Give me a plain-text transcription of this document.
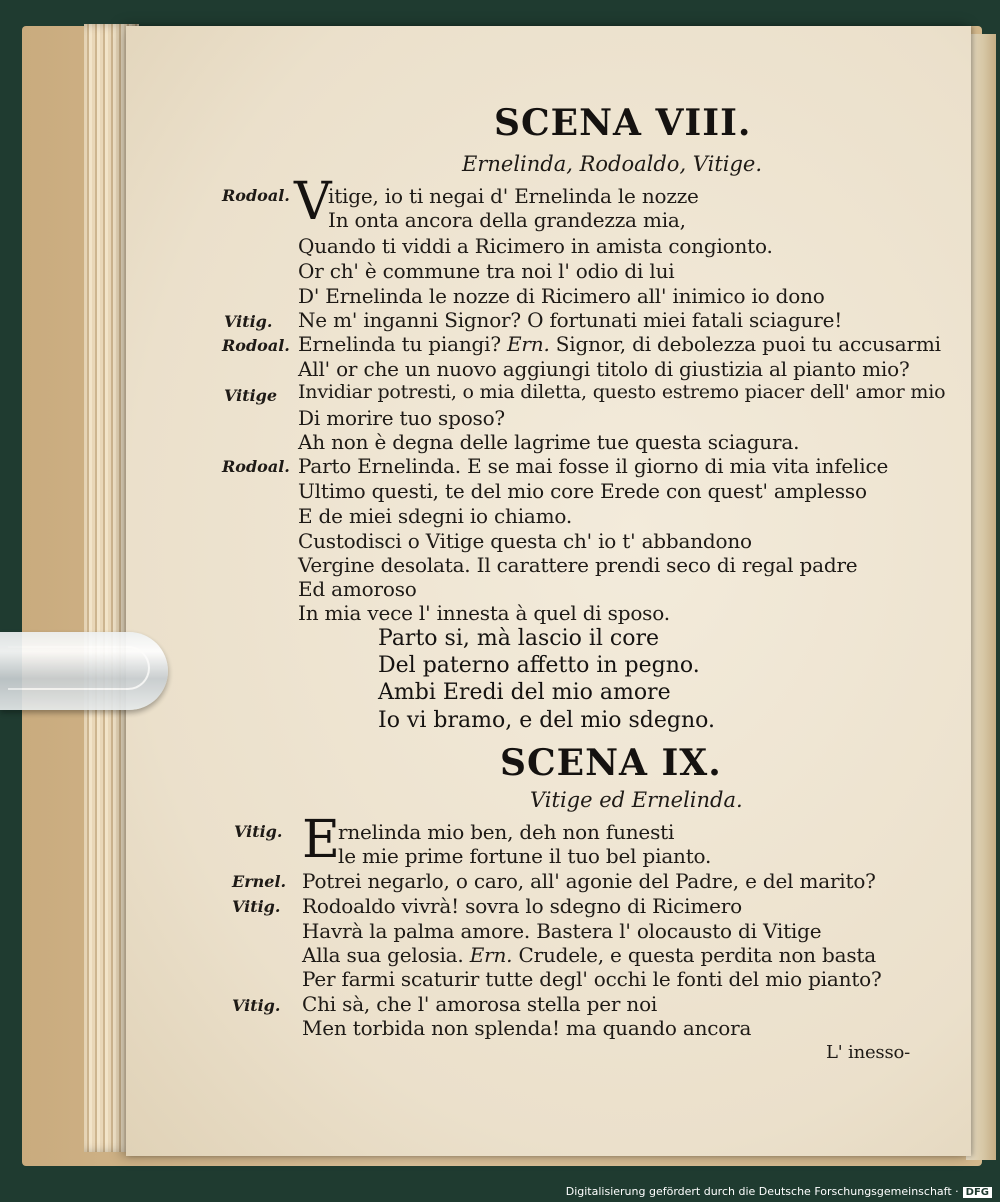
SCENA VIII.
Ernelinda, Rodoaldo, Vitige.
Rodoal. V
itige, io ti negai d' Ernelinda le nozze
In onta ancora della grandezza mia,
Quando ti viddi a Ricimero in amista congionto.
Or ch' è commune tra noi l' odio di lui
D' Ernelinda le nozze di Ricimero all' inimico io dono
Vitig. Ne m' inganni Signor? O fortunati miei fatali sciagure!
Rodoal. Ernelinda tu piangi? Ern. Signor, di debolezza puoi tu accusarmi
All' or che un nuovo aggiungi titolo di giustizia al pianto mio?
Vitige Invidiar potresti, o mia diletta, questo estremo piacer dell' amor mio
Di morire tuo sposo?
Ah non è degna delle lagrime tue questa sciagura.
Rodoal. Parto Ernelinda. E se mai fosse il giorno di mia vita infelice
Ultimo questi, te del mio core Erede con quest' amplesso
E de miei sdegni io chiamo.
Custodisci o Vitige questa ch' io t' abbandono
Vergine desolata. Il carattere prendi seco di regal padre
Ed amoroso
In mia vece l' innesta à quel di sposo.
Parto si, mà lascio il core
Del paterno affetto in pegno.
Ambi Eredi del mio amore
Io vi bramo, e del mio sdegno.
SCENA IX.
Vitige ed Ernelinda.
Vitig. E
rnelinda mio ben, deh non funesti
le mie prime fortune il tuo bel pianto.
Ernel. Potrei negarlo, o caro, all' agonie del Padre, e del marito?
Vitig. Rodoaldo vivrà! sovra lo sdegno di Ricimero
Havrà la palma amore. Bastera l' olocausto di Vitige
Alla sua gelosia. Ern. Crudele, e questa perdita non basta
Per farmi scaturir tutte degl' occhi le fonti del mio pianto?
Vitig. Chi sà, che l' amorosa stella per noi
Men torbida non splenda! ma quando ancora
L' inesso-
Digitalisierung gefördert durch die Deutsche Forschungsgemeinschaft · DFG
